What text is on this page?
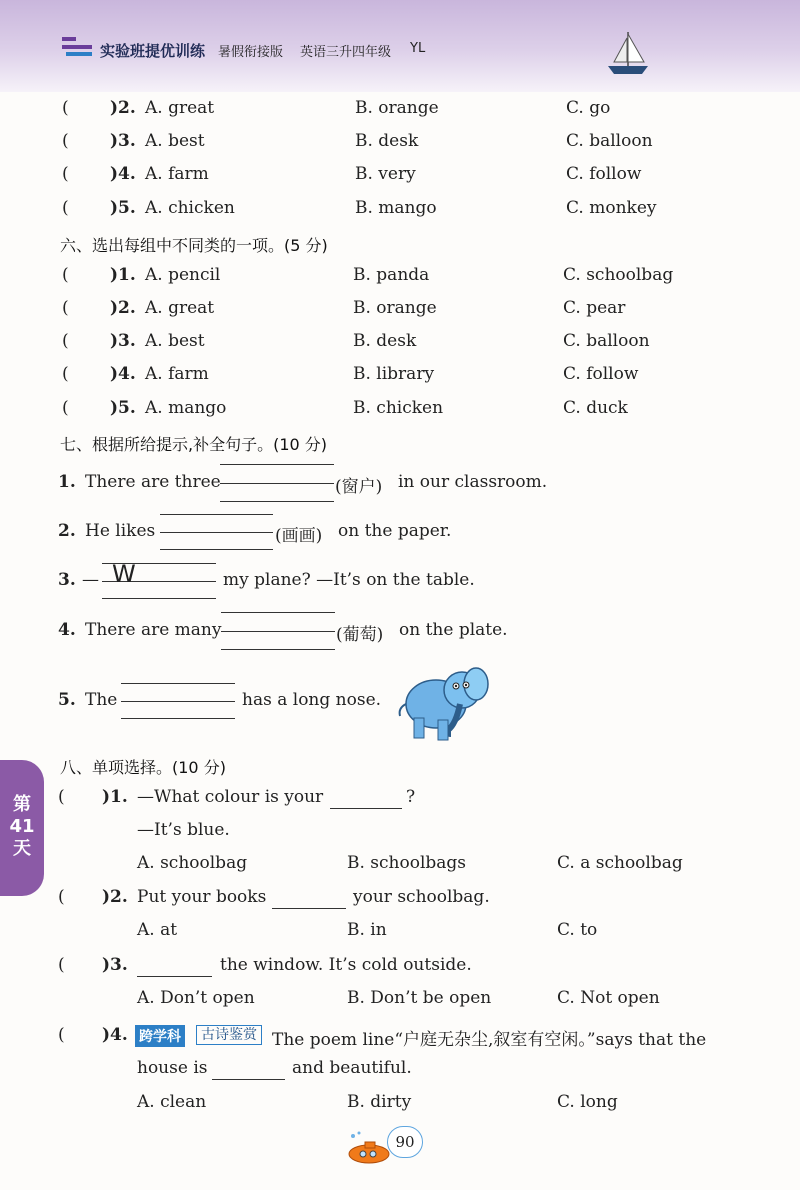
实验班提优训练 暑假衔接版 英语三升四年级 YL
( )2. A. great	B. orange	C. go
( )3. A. best	B. desk	C. balloon
( )4. A. farm	B. very	C. follow
( )5. A. chicken	B. mango	C. monkey
六、选出每组中不同类的一项。(5 分)
( )1. A. pencil	B. panda	C. schoolbag
( )2. A. great	B. orange	C. pear
( )3. A. best	B. desk	C. balloon
( )4. A. farm	B. library	C. follow
( )5. A. mango	B. chicken	C. duck
七、根据所给提示,补全句子。(10 分)
1. There are three	(窗户) in our classroom.
2. He likes	(画画) on the paper.
3. —	my plane? —It’s on the table.
W
4. There are many	(葡萄) on the plate.
5. The	has a long nose.
八、单项选择。(10 分)
( )1. —What colour is your	?
—It’s blue.
A. schoolbag	B. schoolbags	C. a schoolbag
( )2. Put your books	your schoolbag.
A. at	B. in	C. to
( )3.	the window. It’s cold outside.
A. Don’t open	B. Don’t be open	C. Not open
( )4.	The poem line“户庭无杂尘,叙室有空闲。”says that the
跨学科	古诗鉴赏
house is	and beautiful.
A. clean	B. dirty	C. long
第
41
天
90
